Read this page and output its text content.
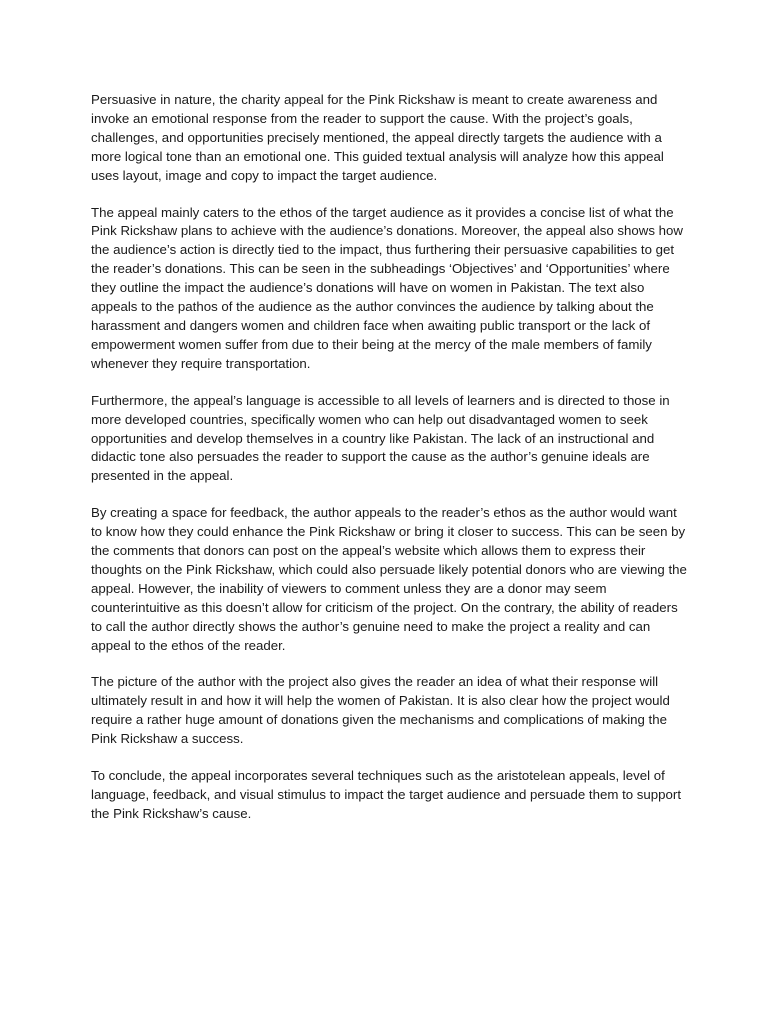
Persuasive in nature, the charity appeal for the Pink Rickshaw is meant to create awareness and invoke an emotional response from the reader to support the cause. With the project’s goals, challenges, and opportunities precisely mentioned, the appeal directly targets the audience with a more logical tone than an emotional one. This guided textual analysis will analyze how this appeal uses layout, image and copy to impact the target audience.

The appeal mainly caters to the ethos of the target audience as it provides a concise list of what the Pink Rickshaw plans to achieve with the audience’s donations. Moreover, the appeal also shows how the audience’s action is directly tied to the impact, thus furthering their persuasive capabilities to get the reader’s donations. This can be seen in the subheadings ‘Objectives’ and ‘Opportunities’ where they outline the impact the audience’s donations will have on women in Pakistan. The text also appeals to the pathos of the audience as the author convinces the audience by talking about the harassment and dangers women and children face when awaiting public transport or the lack of empowerment women suffer from due to their being at the mercy of the male members of family whenever they require transportation.

Furthermore, the appeal’s language is accessible to all levels of learners and is directed to those in more developed countries, specifically women who can help out disadvantaged women to seek opportunities and develop themselves in a country like Pakistan. The lack of an instructional and didactic tone also persuades the reader to support the cause as the author’s genuine ideals are presented in the appeal.

By creating a space for feedback, the author appeals to the reader’s ethos as the author would want to know how they could enhance the Pink Rickshaw or bring it closer to success. This can be seen by the comments that donors can post on the appeal’s website which allows them to express their thoughts on the Pink Rickshaw, which could also persuade likely potential donors who are viewing the appeal. However, the inability of viewers to comment unless they are a donor may seem counterintuitive as this doesn’t allow for criticism of the project. On the contrary, the ability of readers to call the author directly shows the author’s genuine need to make the project a reality and can appeal to the ethos of the reader.

The picture of the author with the project also gives the reader an idea of what their response will ultimately result in and how it will help the women of Pakistan. It is also clear how the project would require a rather huge amount of donations given the mechanisms and complications of making the Pink Rickshaw a success.

To conclude, the appeal incorporates several techniques such as the aristotelean appeals, level of language, feedback, and visual stimulus to impact the target audience and persuade them to support the Pink Rickshaw’s cause.
